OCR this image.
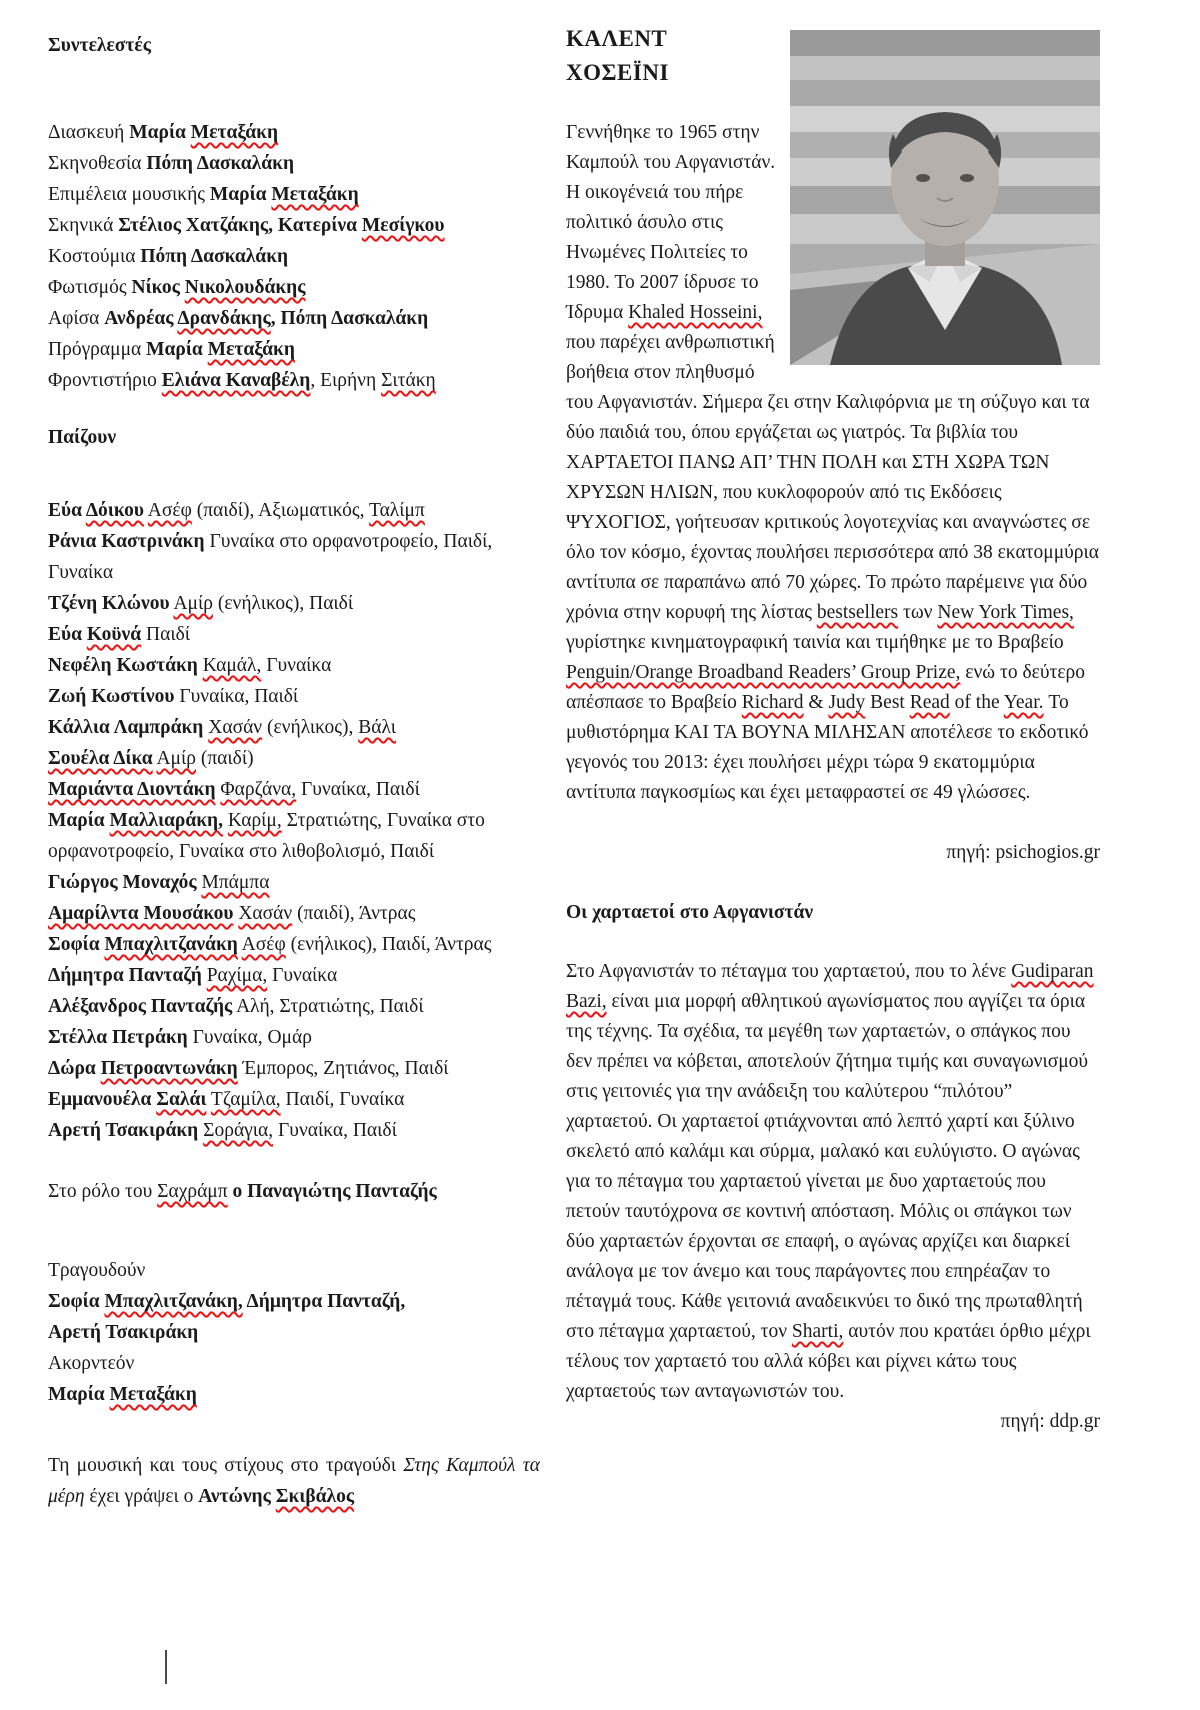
Συντελεστές
Διασκευή Μαρία Μεταξάκη
Σκηνοθεσία Πόπη Δασκαλάκη
Επιμέλεια μουσικής Μαρία Μεταξάκη
Σκηνικά Στέλιος Χατζάκης, Κατερίνα Μεσίγκου
Κοστούμια Πόπη Δασκαλάκη
Φωτισμός Νίκος Νικολουδάκης
Αφίσα Ανδρέας Δρανδάκης, Πόπη Δασκαλάκη
Πρόγραμμα Μαρία Μεταξάκη
Φροντιστήριο Ελιάνα Καναβέλη, Ειρήνη Σιτάκη
Παίζουν
Εύα Δόικου Ασέφ (παιδί), Αξιωματικός, Ταλίμπ
Ράνια Καστρινάκη Γυναίκα στο ορφανοτροφείο, Παιδί, Γυναίκα
Τζένη Κλώνου Αμίρ (ενήλικος), Παιδί
Εύα Κοϋνά Παιδί
Νεφέλη Κωστάκη Καμάλ, Γυναίκα
Ζωή Κωστίνου Γυναίκα, Παιδί
Κάλλια Λαμπράκη Χασάν (ενήλικος), Βάλι
Σουέλα Δίκα Αμίρ (παιδί)
Μαριάντα Διοντάκη Φαρζάνα, Γυναίκα, Παιδί
Μαρία Μαλλιαράκη, Καρίμ, Στρατιώτης, Γυναίκα στο ορφανοτροφείο, Γυναίκα στο λιθοβολισμό, Παιδί
Γιώργος Μοναχός Μπάμπα
Αμαρίλντα Μουσάκου Χασάν (παιδί), Άντρας
Σοφία Μπαχλιτζανάκη Ασέφ (ενήλικος), Παιδί, Άντρας
Δήμητρα Πανταζή Ραχίμα, Γυναίκα
Αλέξανδρος Πανταζής Αλή, Στρατιώτης, Παιδί
Στέλλα Πετράκη Γυναίκα, Ομάρ
Δώρα Πετροαντωνάκη Έμπορος, Ζητιάνος, Παιδί
Εμμανουέλα Σαλάι Τζαμίλα, Παιδί, Γυναίκα
Αρετή Τσακιράκη Σοράγια, Γυναίκα, Παιδί
Στο ρόλο του Σαχράμπ ο Παναγιώτης Πανταζής
Τραγουδούν
Σοφία Μπαχλιτζανάκη, Δήμητρα Πανταζή,
Αρετή Τσακιράκη
Ακορντεόν
Μαρία Μεταξάκη

Τη μουσική και τους στίχους στο τραγούδι Στης Καμπούλ τα μέρη έχει γράψει ο Αντώνης Σκιβάλος

ΚΑΛΕΝΤ
ΧΟΣΕΪΝΙ

Γεννήθηκε το 1965 στην Καμπούλ του Αφγανιστάν. Η οικογένειά του πήρε πολιτικό άσυλο στις Ηνωμένες Πολιτείες το 1980. Το 2007 ίδρυσε το Ίδρυμα Khaled Hosseini, που παρέχει ανθρωπιστική βοήθεια στον πληθυσμό του Αφγανιστάν. Σήμερα ζει στην Καλιφόρνια με τη σύζυγο και τα δύο παιδιά του, όπου εργάζεται ως γιατρός. Τα βιβλία του ΧΑΡΤΑΕΤΟΙ ΠΑΝΩ ΑΠ’ ΤΗΝ ΠΟΛΗ και ΣΤΗ ΧΩΡΑ ΤΩΝ ΧΡΥΣΩΝ ΗΛΙΩΝ, που κυκλοφορούν από τις Εκδόσεις ΨΥΧΟΓΙΟΣ, γοήτευσαν κριτικούς λογοτεχνίας και αναγνώστες σε όλο τον κόσμο, έχοντας πουλήσει περισσότερα από 38 εκατομμύρια αντίτυπα σε παραπάνω από 70 χώρες. Το πρώτο παρέμεινε για δύο χρόνια στην κορυφή της λίστας bestsellers των New York Times, γυρίστηκε κινηματογραφική ταινία και τιμήθηκε με το Βραβείο Penguin/Orange Broadband Readers’ Group Prize, ενώ το δεύτερο απέσπασε το Βραβείο Richard & Judy Best Read of the Year. Το μυθιστόρημα ΚΑΙ ΤΑ ΒΟΥΝΑ ΜΙΛΗΣΑΝ αποτέλεσε το εκδοτικό γεγονός του 2013: έχει πουλήσει μέχρι τώρα 9 εκατομμύρια αντίτυπα παγκοσμίως και έχει μεταφραστεί σε 49 γλώσσες.

πηγή: psichogios.gr
Οι χαρταετοί στο Αφγανιστάν

Στο Αφγανιστάν το πέταγμα του χαρταετού, που το λένε Gudiparan Bazi, είναι μια μορφή αθλητικού αγωνίσματος που αγγίζει τα όρια της τέχνης. Τα σχέδια, τα μεγέθη των χαρταετών, ο σπάγκος που δεν πρέπει να κόβεται, αποτελούν ζήτημα τιμής και συναγωνισμού στις γειτονιές για την ανάδειξη του καλύτερου “πιλότου” χαρταετού. Οι χαρταετοί φτιάχνονται από λεπτό χαρτί και ξύλινο σκελετό από καλάμι και σύρμα, μαλακό και ευλύγιστο. Ο αγώνας για το πέταγμα του χαρταετού γίνεται με δυο χαρταετούς που πετούν ταυτόχρονα σε κοντινή απόσταση. Μόλις οι σπάγκοι των δύο χαρταετών έρχονται σε επαφή, ο αγώνας αρχίζει και διαρκεί ανάλογα με τον άνεμο και τους παράγοντες που επηρέαζαν το πέταγμά τους. Κάθε γειτονιά αναδεικνύει το δικό της πρωταθλητή στο πέταγμα χαρταετού, τον Sharti, αυτόν που κρατάει όρθιο μέχρι τέλους τον χαρταετό του αλλά κόβει και ρίχνει κάτω τους χαρταετούς των ανταγωνιστών του.

πηγή: ddp.gr
